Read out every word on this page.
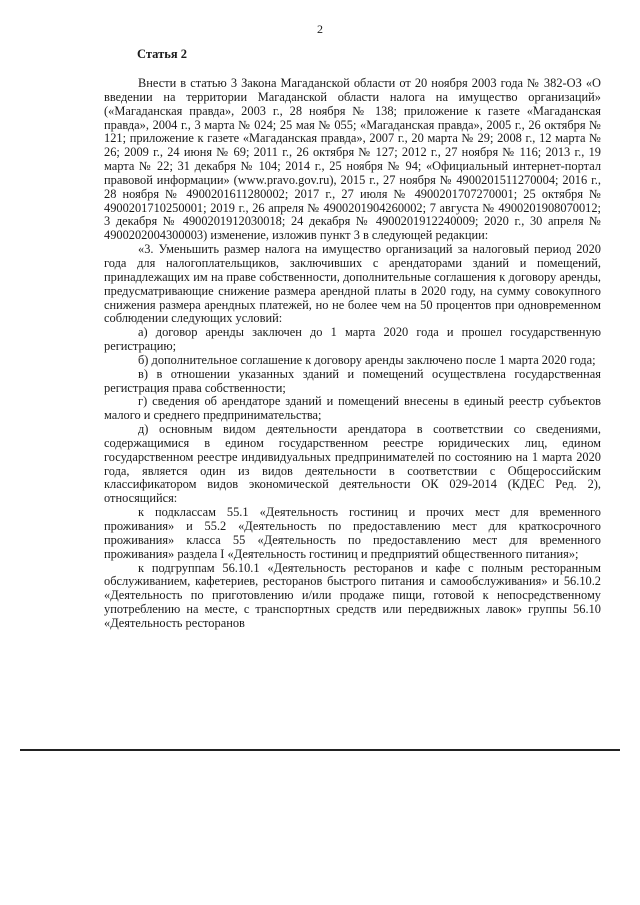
2
Статья 2

Внести в статью 3 Закона Магаданской области от 20 ноября 2003 года № 382-ОЗ «О введении на территории Магаданской области налога на имущество организаций» («Магаданская правда», 2003 г., 28 ноября № 138; приложение к газете «Магаданская правда», 2004 г., 3 марта № 024; 25 мая № 055; «Магаданская правда», 2005 г., 26 октября № 121; приложение к газете «Магаданская правда», 2007 г., 20 марта № 29; 2008 г., 12 марта № 26; 2009 г., 24 июня № 69; 2011 г., 26 октября № 127; 2012 г., 27 ноября № 116; 2013 г., 19 марта № 22; 31 декабря № 104; 2014 г., 25 ноября № 94; «Официальный интернет-портал правовой информации» (www.pravo.gov.ru), 2015 г., 27 ноября № 4900201511270004; 2016 г., 28 ноября № 4900201611280002; 2017 г., 27 июля № 4900201707270001; 25 октября № 4900201710250001; 2019 г., 26 апреля № 4900201904260002; 7 августа № 4900201908070012; 3 декабря № 4900201912030018; 24 декабря № 4900201912240009; 2020 г., 30 апреля № 4900202004300003) изменение, изложив пункт 3 в следующей редакции:

«3. Уменьшить размер налога на имущество организаций за налоговый период 2020 года для налогоплательщиков, заключивших с арендаторами зданий и помещений, принадлежащих им на праве собственности, дополнительные соглашения к договору аренды, предусматривающие снижение размера арендной платы в 2020 году, на сумму совокупного снижения размера арендных платежей, но не более чем на 50 процентов при одновременном соблюдении следующих условий:

а) договор аренды заключен до 1 марта 2020 года и прошел государственную регистрацию;

б) дополнительное соглашение к договору аренды заключено после 1 марта 2020 года;

в) в отношении указанных зданий и помещений осуществлена государственная регистрация права собственности;

г) сведения об арендаторе зданий и помещений внесены в единый реестр субъектов малого и среднего предпринимательства;

д) основным видом деятельности арендатора в соответствии со сведениями, содержащимися в едином государственном реестре юридических лиц, едином государственном реестре индивидуальных предпринимателей по состоянию на 1 марта 2020 года, является один из видов деятельности в соответствии с Общероссийским классификатором видов экономической деятельности ОК 029-2014 (КДЕС Ред. 2), относящийся:

к подклассам 55.1 «Деятельность гостиниц и прочих мест для временного проживания» и 55.2 «Деятельность по предоставлению мест для краткосрочного проживания» класса 55 «Деятельность по предоставлению мест для временного проживания» раздела I «Деятельность гостиниц и предприятий общественного питания»;

к подгруппам 56.10.1 «Деятельность ресторанов и кафе с полным ресторанным обслуживанием, кафетериев, ресторанов быстрого питания и самообслуживания» и 56.10.2 «Деятельность по приготовлению и/или продаже пищи, готовой к непосредственному употреблению на месте, с транспортных средств или передвижных лавок» группы 56.10 «Деятельность ресторанов
